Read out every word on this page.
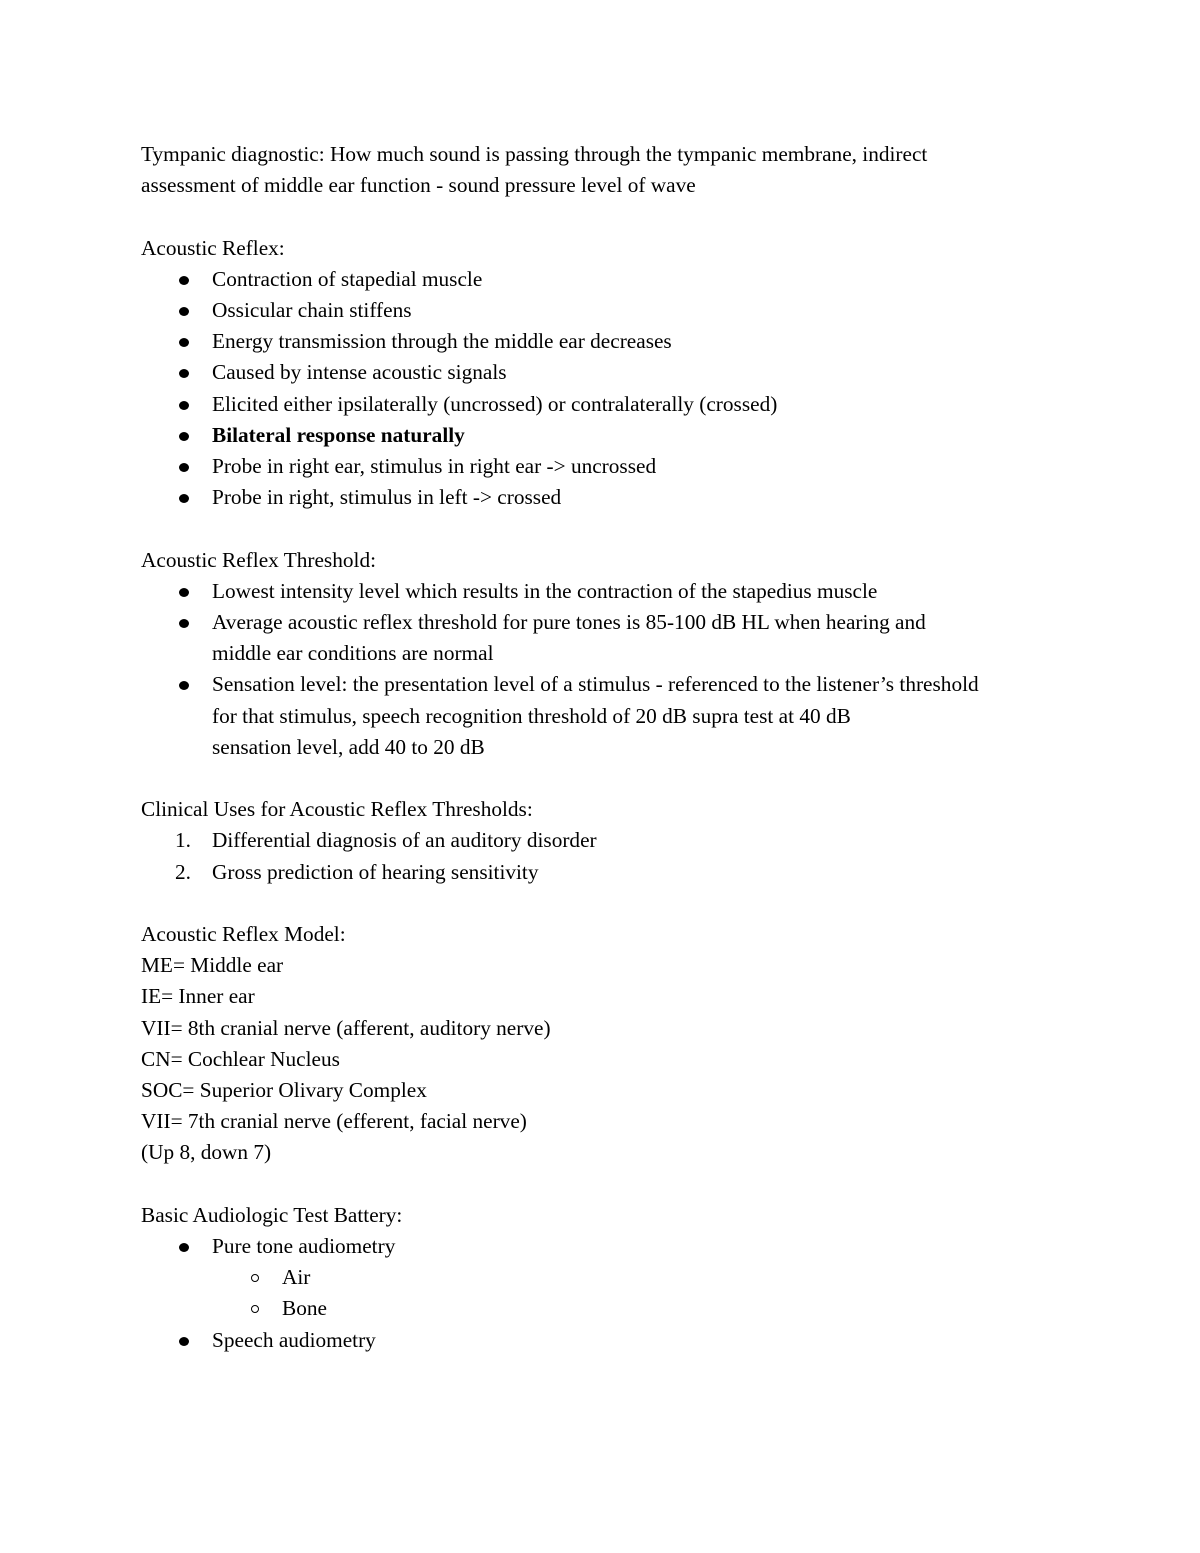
Tympanic diagnostic: How much sound is passing through the tympanic membrane, indirect

assessment of middle ear function - sound pressure level of wave

Acoustic Reflex:

Contraction of stapedial muscle
Ossicular chain stiffens
Energy transmission through the middle ear decreases
Caused by intense acoustic signals
Elicited either ipsilaterally (uncrossed) or contralaterally (crossed)
Bilateral response naturally
Probe in right ear, stimulus in right ear -> uncrossed
Probe in right, stimulus in left -> crossed

Acoustic Reflex Threshold:

Lowest intensity level which results in the contraction of the stapedius muscle
Average acoustic reflex threshold for pure tones is 85-100 dB HL when hearing and
middle ear conditions are normal
Sensation level: the presentation level of a stimulus - referenced to the listener’s threshold
for that stimulus, speech recognition threshold of 20 dB supra test at 40 dB
sensation level, add 40 to 20 dB

Clinical Uses for Acoustic Reflex Thresholds:

1. Differential diagnosis of an auditory disorder
2. Gross prediction of hearing sensitivity

Acoustic Reflex Model:

ME= Middle ear

IE= Inner ear

VII= 8th cranial nerve (afferent, auditory nerve)

CN= Cochlear Nucleus

SOC= Superior Olivary Complex

VII= 7th cranial nerve (efferent, facial nerve)

(Up 8, down 7)

Basic Audiologic Test Battery:

Pure tone audiometry
Air
Bone
Speech audiometry
